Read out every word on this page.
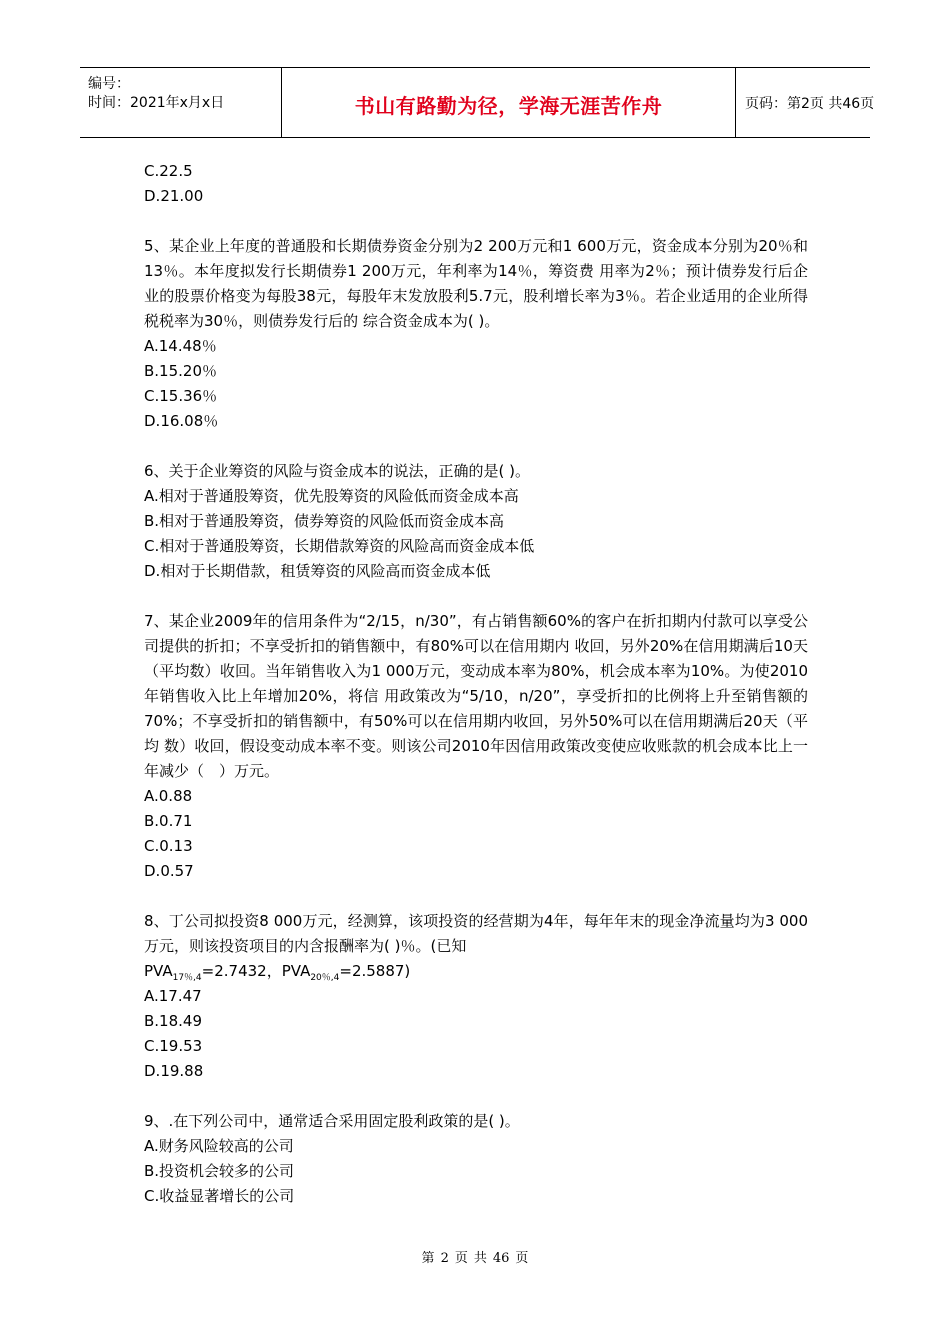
编号：
时间：2021年x月x日	书山有路勤为径，学海无涯苦作舟	页码：第2页 共46页
C.22.5
D.21.00
5、某企业上年度的普通股和长期债券资金分别为2 200万元和1 600万元，资金成本分别为20％和13％。本年度拟发行长期债券1 200万元，年利率为14％，筹资费 用率为2％；预计债券发行后企业的股票价格变为每股38元，每股年末发放股利5.7元，股利增长率为3％。若企业适用的企业所得税税率为30％，则债券发行后的 综合资金成本为( )。
A.14.48％
B.15.20％
C.15.36％
D.16.08％
6、关于企业筹资的风险与资金成本的说法，正确的是( )。
A.相对于普通股筹资，优先股筹资的风险低而资金成本高
B.相对于普通股筹资，债券筹资的风险低而资金成本高
C.相对于普通股筹资，长期借款筹资的风险高而资金成本低
D.相对于长期借款，租赁筹资的风险高而资金成本低
7、某企业2009年的信用条件为“2/15，n/30”，有占销售额60%的客户在折扣期内付款可以享受公司提供的折扣；不享受折扣的销售额中，有80%可以在信用期内 收回，另外20%在信用期满后10天（平均数）收回。当年销售收入为1 000万元，变动成本率为80%，机会成本率为10%。为使2010年销售收入比上年增加20%，将信 用政策改为“5/10，n/20”，享受折扣的比例将上升至销售额的70%；不享受折扣的销售额中，有50%可以在信用期内收回，另外50%可以在信用期满后20天（平均 数）收回，假设变动成本率不变。则该公司2010年因信用政策改变使应收账款的机会成本比上一年减少（　）万元。
A.0.88
B.0.71
C.0.13
D.0.57
8、丁公司拟投资8 000万元，经测算，该项投资的经营期为4年，每年年末的现金净流量均为3 000万元，则该投资项目的内含报酬率为( )％。(已知
$PVA_{17\%,4}=2.7432$，$PVA_{20\%,4}=2.5887$)
A.17.47
B.18.49
C.19.53
D.19.88
9、.在下列公司中，通常适合采用固定股利政策的是( )。
A.财务风险较高的公司
B.投资机会较多的公司
C.收益显著增长的公司
第 2 页 共 46 页
